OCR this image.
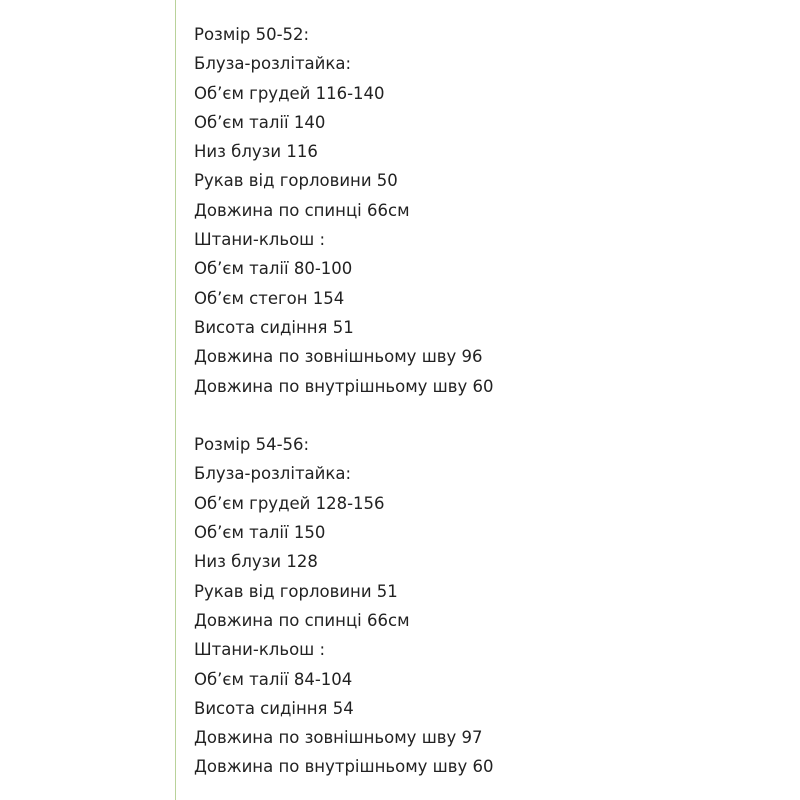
Розмір 50-52:
Блуза-розлітайка:
Об’єм грудей 116-140
Об’єм талії 140
Низ блузи 116
Рукав від горловини 50
Довжина по спинці 66см
Штани-кльош :
Об’єм талії 80-100
Об’єм стегон 154
Висота сидіння 51
Довжина по зовнішньому шву 96
Довжина по внутрішньому шву 60
Розмір 54-56:
Блуза-розлітайка:
Об’єм грудей 128-156
Об’єм талії 150
Низ блузи 128
Рукав від горловини 51
Довжина по спинці 66см
Штани-кльош :
Об’єм талії 84-104
Висота сидіння 54
Довжина по зовнішньому шву 97
Довжина по внутрішньому шву 60
